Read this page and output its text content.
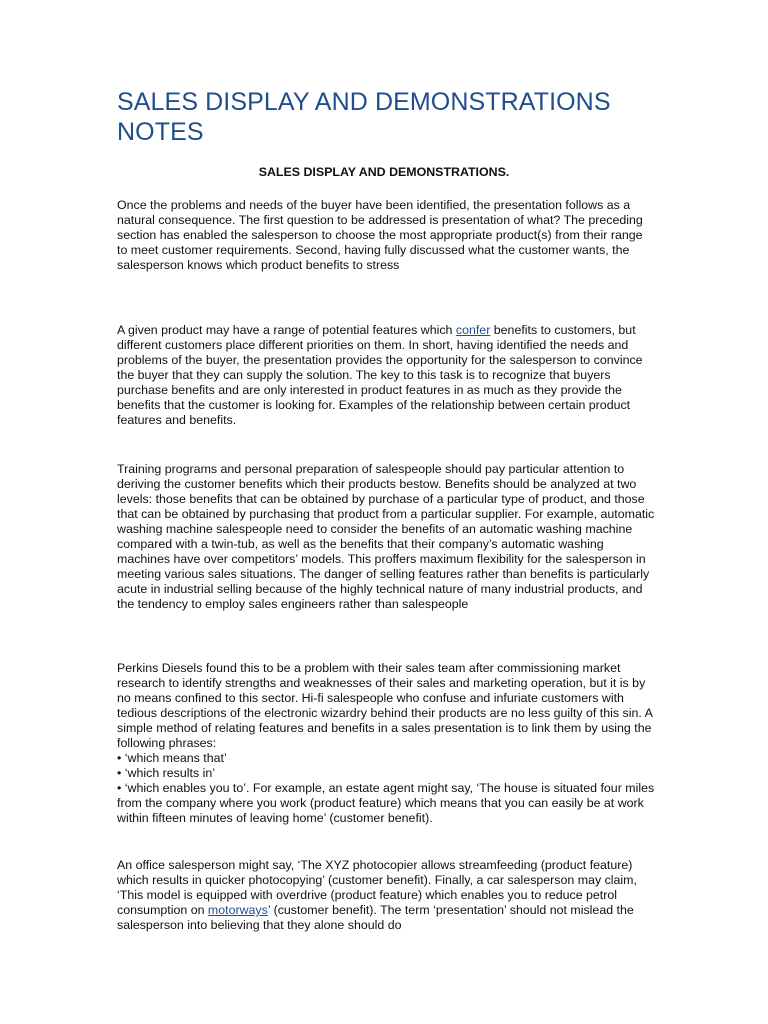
SALES DISPLAY AND DEMONSTRATIONS NOTES
SALES DISPLAY AND DEMONSTRATIONS.

Once the problems and needs of the buyer have been identified, the presentation follows as a natural consequence. The first question to be addressed is presentation of what? The preceding section has enabled the salesperson to choose the most appropriate product(s) from their range to meet customer requirements. Second, having fully discussed what the customer wants, the salesperson knows which product benefits to stress

A given product may have a range of potential features which confer benefits to customers, but different customers place different priorities on them. In short, having identified the needs and problems of the buyer, the presentation provides the opportunity for the salesperson to convince the buyer that they can supply the solution. The key to this task is to recognize that buyers purchase benefits and are only interested in product features in as much as they provide the benefits that the customer is looking for. Examples of the relationship between certain product features and benefits.

Training programs and personal preparation of salespeople should pay particular attention to deriving the customer benefits which their products bestow. Benefits should be analyzed at two levels: those benefits that can be obtained by purchase of a particular type of product, and those that can be obtained by purchasing that product from a particular supplier. For example, automatic washing machine salespeople need to consider the benefits of an automatic washing machine compared with a twin-tub, as well as the benefits that their company’s automatic washing machines have over competitors’ models. This proffers maximum flexibility for the salesperson in meeting various sales situations. The danger of selling features rather than benefits is particularly acute in industrial selling because of the highly technical nature of many industrial products, and the tendency to employ sales engineers rather than salespeople

Perkins Diesels found this to be a problem with their sales team after commissioning market research to identify strengths and weaknesses of their sales and marketing operation, but it is by no means confined to this sector. Hi-fi salespeople who confuse and infuriate customers with tedious descriptions of the electronic wizardry behind their products are no less guilty of this sin. A simple method of relating features and benefits in a sales presentation is to link them by using the following phrases:
• ‘which means that’
• ‘which results in’
• ‘which enables you to’. For example, an estate agent might say, ‘The house is situated four miles from the company where you work (product feature) which means that you can easily be at work within fifteen minutes of leaving home’ (customer benefit).

An office salesperson might say, ‘The XYZ photocopier allows streamfeeding (product feature) which results in quicker photocopying’ (customer benefit). Finally, a car salesperson may claim, ‘This model is equipped with overdrive (product feature) which enables you to reduce petrol consumption on motorways’ (customer benefit). The term ‘presentation’ should not mislead the salesperson into believing that they alone should do
